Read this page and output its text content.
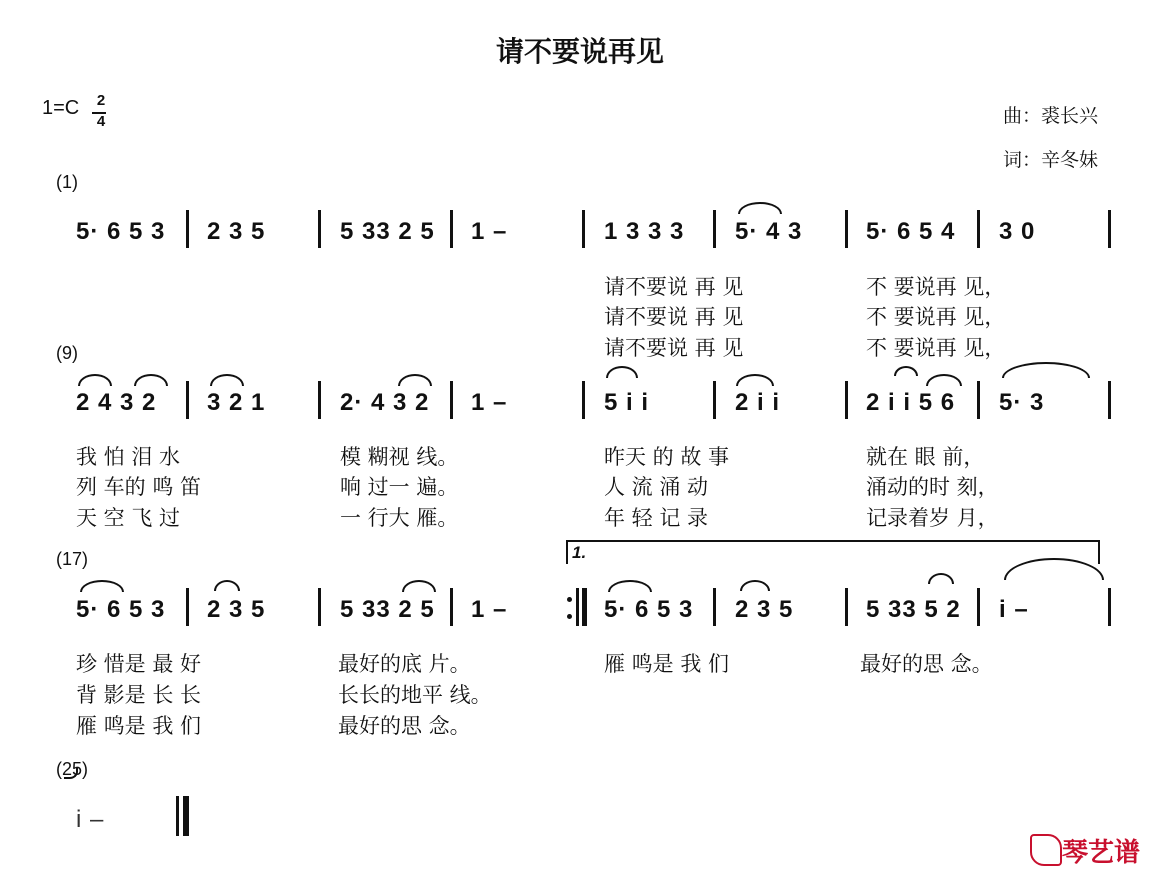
请不要说再见
1=C 2
4	曲：裘长兴
词：辛冬妹
(1)
5· 6 5 3 2 3 5	5 33 2 5 1 –	1 3 3 3 5· 4 3	5· 6 5 4 3 0
请不要说 再 见	不 要说再 见，
请不要说 再 见	不 要说再 见，
请不要说 再 见	不 要说再 见，
(9)
2 4 3 2 3 2 1	2· 4 3 2 1 –	5 i i	2 i i	2 i i 5 6 5· 3
我 怕 泪 水	模 糊视 线。	昨天 的 故 事	就在 眼 前，
列 车的 鸣 笛	响 过一 遍。	人 流 涌 动	涌动的时 刻，
天 空 飞 过	一 行大 雁。	年 轻 记 录	记录着岁 月，
(17)	1.
5· 6 5 3 2 3 5	5 33 2 5 1 –	5· 6 5 3 2 3 5	5 33 5 2 i –
珍 惜是 最 好	最好的底 片。	雁 鸣是 我 们	最好的思 念。
背 影是 长 长	长长的地平 线。
雁 鸣是 我 们	最好的思 念。
(25)
i –
琴艺谱
